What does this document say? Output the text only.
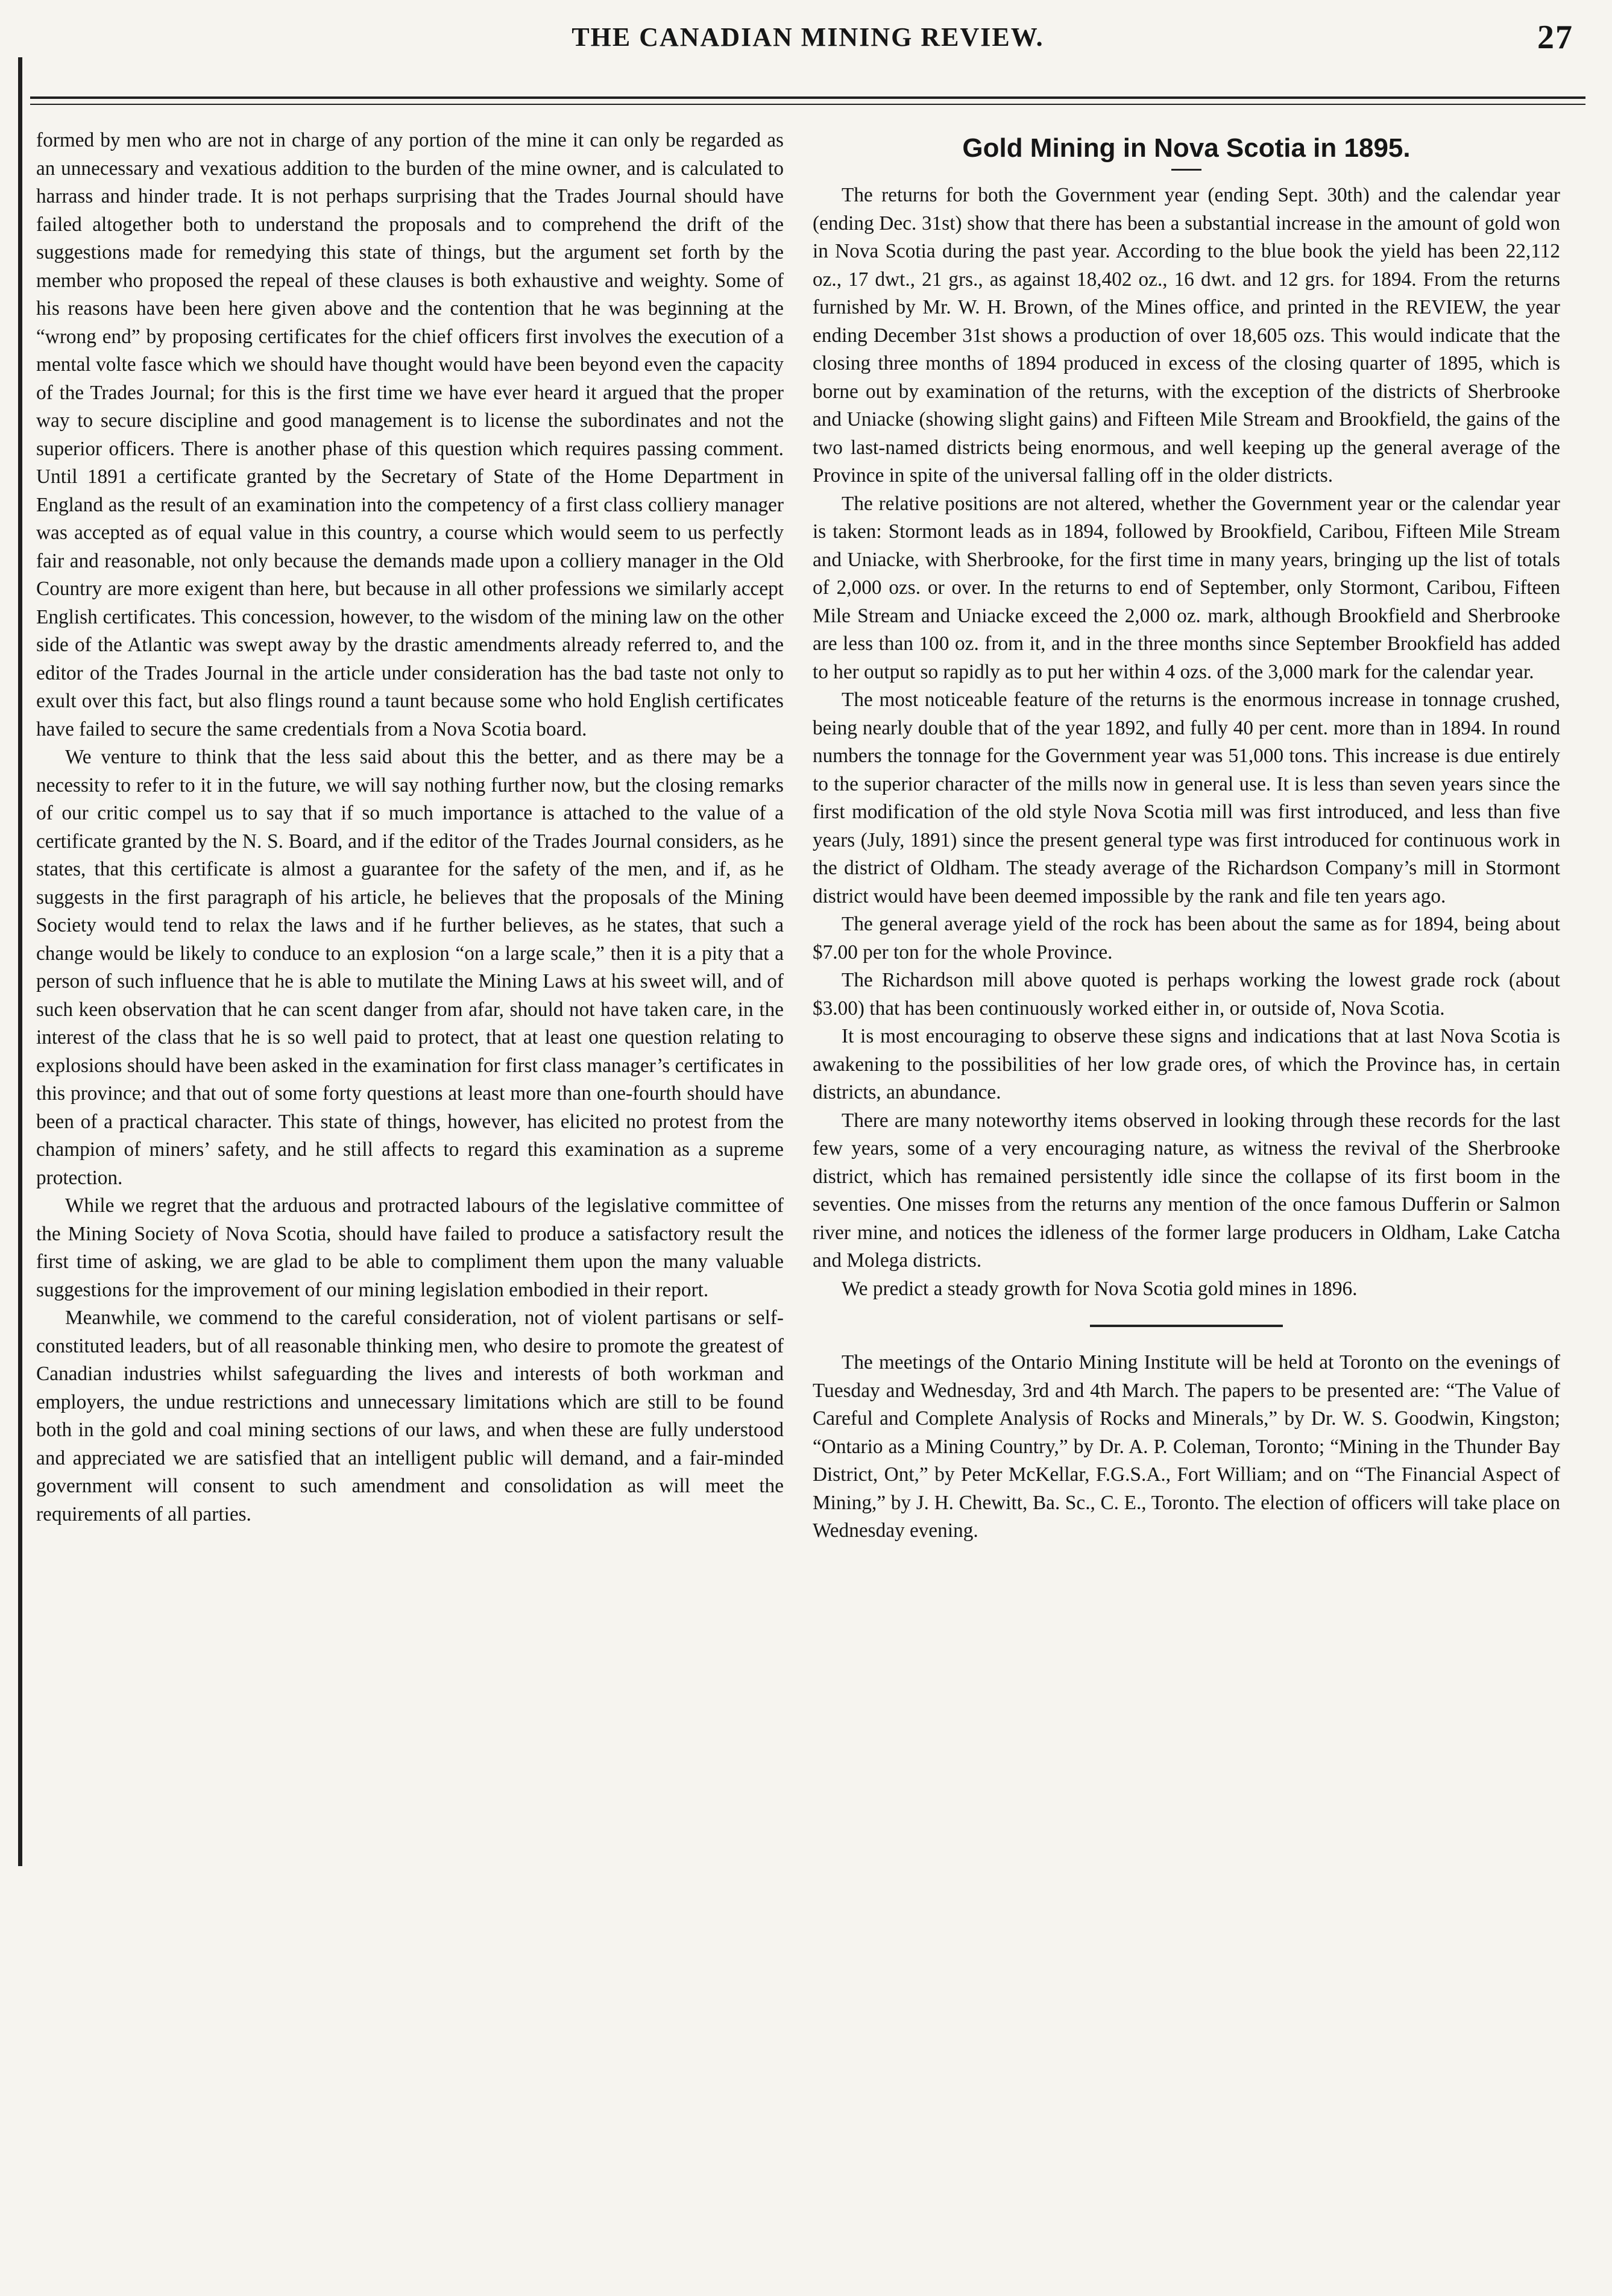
THE CANADIAN MINING REVIEW.	27

formed by men who are not in charge of any portion of the mine it can only be regarded as an unnecessary and vexatious addition to the burden of the mine owner, and is calculated to harrass and hinder trade. It is not perhaps surprising that the Trades Journal should have failed altogether both to understand the proposals and to comprehend the drift of the suggestions made for remedying this state of things, but the argument set forth by the member who proposed the repeal of these clauses is both exhaustive and weighty. Some of his reasons have been here given above and the contention that he was beginning at the “wrong end” by proposing certificates for the chief officers first involves the execution of a mental volte fasce which we should have thought would have been beyond even the capacity of the Trades Journal; for this is the first time we have ever heard it argued that the proper way to secure discipline and good management is to license the subordinates and not the superior officers. There is another phase of this question which requires passing comment. Until 1891 a certificate granted by the Secretary of State of the Home Department in England as the result of an examination into the competency of a first class colliery manager was accepted as of equal value in this country, a course which would seem to us perfectly fair and reasonable, not only because the demands made upon a colliery manager in the Old Country are more exigent than here, but because in all other professions we similarly accept English certificates. This concession, however, to the wisdom of the mining law on the other side of the Atlantic was swept away by the drastic amendments already referred to, and the editor of the Trades Journal in the article under consideration has the bad taste not only to exult over this fact, but also flings round a taunt because some who hold English certificates have failed to secure the same credentials from a Nova Scotia board.

We venture to think that the less said about this the better, and as there may be a necessity to refer to it in the future, we will say nothing further now, but the closing remarks of our critic compel us to say that if so much importance is attached to the value of a certificate granted by the N. S. Board, and if the editor of the Trades Journal considers, as he states, that this certificate is almost a guarantee for the safety of the men, and if, as he suggests in the first paragraph of his article, he believes that the proposals of the Mining Society would tend to relax the laws and if he further believes, as he states, that such a change would be likely to conduce to an explosion “on a large scale,” then it is a pity that a person of such influence that he is able to mutilate the Mining Laws at his sweet will, and of such keen observation that he can scent danger from afar, should not have taken care, in the interest of the class that he is so well paid to protect, that at least one question relating to explosions should have been asked in the examination for first class manager’s certificates in this province; and that out of some forty questions at least more than one-fourth should have been of a practical character. This state of things, however, has elicited no protest from the champion of miners’ safety, and he still affects to regard this examination as a supreme protection.

While we regret that the arduous and protracted labours of the legislative committee of the Mining Society of Nova Scotia, should have failed to produce a satisfactory result the first time of asking, we are glad to be able to compliment them upon the many valuable suggestions for the improvement of our mining legislation embodied in their report.

Meanwhile, we commend to the careful consideration, not of violent partisans or self-constituted leaders, but of all reasonable thinking men, who desire to promote the greatest of Canadian industries whilst safeguarding the lives and interests of both workman and employers, the undue restrictions and unnecessary limitations which are still to be found both in the gold and coal mining sections of our laws, and when these are fully understood and appreciated we are satisfied that an intelligent public will demand, and a fair-minded government will consent to such amendment and consolidation as will meet the requirements of all parties.

Gold Mining in Nova Scotia in 1895.

The returns for both the Government year (ending Sept. 30th) and the calendar year (ending Dec. 31st) show that there has been a substantial increase in the amount of gold won in Nova Scotia during the past year. According to the blue book the yield has been 22,112 oz., 17 dwt., 21 grs., as against 18,402 oz., 16 dwt. and 12 grs. for 1894. From the returns furnished by Mr. W. H. Brown, of the Mines office, and printed in the REVIEW, the year ending December 31st shows a production of over 18,605 ozs. This would indicate that the closing three months of 1894 produced in excess of the closing quarter of 1895, which is borne out by examination of the returns, with the exception of the districts of Sherbrooke and Uniacke (showing slight gains) and Fifteen Mile Stream and Brookfield, the gains of the two last-named districts being enormous, and well keeping up the general average of the Province in spite of the universal falling off in the older districts.

The relative positions are not altered, whether the Government year or the calendar year is taken: Stormont leads as in 1894, followed by Brookfield, Caribou, Fifteen Mile Stream and Uniacke, with Sherbrooke, for the first time in many years, bringing up the list of totals of 2,000 ozs. or over. In the returns to end of September, only Stormont, Caribou, Fifteen Mile Stream and Uniacke exceed the 2,000 oz. mark, although Brookfield and Sherbrooke are less than 100 oz. from it, and in the three months since September Brookfield has added to her output so rapidly as to put her within 4 ozs. of the 3,000 mark for the calendar year.

The most noticeable feature of the returns is the enormous increase in tonnage crushed, being nearly double that of the year 1892, and fully 40 per cent. more than in 1894. In round numbers the tonnage for the Government year was 51,000 tons. This increase is due entirely to the superior character of the mills now in general use. It is less than seven years since the first modification of the old style Nova Scotia mill was first introduced, and less than five years (July, 1891) since the present general type was first introduced for continuous work in the district of Oldham. The steady average of the Richardson Company’s mill in Stormont district would have been deemed impossible by the rank and file ten years ago.

The general average yield of the rock has been about the same as for 1894, being about $7.00 per ton for the whole Province.

The Richardson mill above quoted is perhaps working the lowest grade rock (about $3.00) that has been continuously worked either in, or outside of, Nova Scotia.

It is most encouraging to observe these signs and indications that at last Nova Scotia is awakening to the possibilities of her low grade ores, of which the Province has, in certain districts, an abundance.

There are many noteworthy items observed in looking through these records for the last few years, some of a very encouraging nature, as witness the revival of the Sherbrooke district, which has remained persistently idle since the collapse of its first boom in the seventies. One misses from the returns any mention of the once famous Dufferin or Salmon river mine, and notices the idleness of the former large producers in Oldham, Lake Catcha and Molega districts.

We predict a steady growth for Nova Scotia gold mines in 1896.

The meetings of the Ontario Mining Institute will be held at Toronto on the evenings of Tuesday and Wednesday, 3rd and 4th March. The papers to be presented are: “The Value of Careful and Complete Analysis of Rocks and Minerals,” by Dr. W. S. Goodwin, Kingston; “Ontario as a Mining Country,” by Dr. A. P. Coleman, Toronto; “Mining in the Thunder Bay District, Ont,” by Peter McKellar, F.G.S.A., Fort William; and on “The Financial Aspect of Mining,” by J. H. Chewitt, Ba. Sc., C. E., Toronto. The election of officers will take place on Wednesday evening.
